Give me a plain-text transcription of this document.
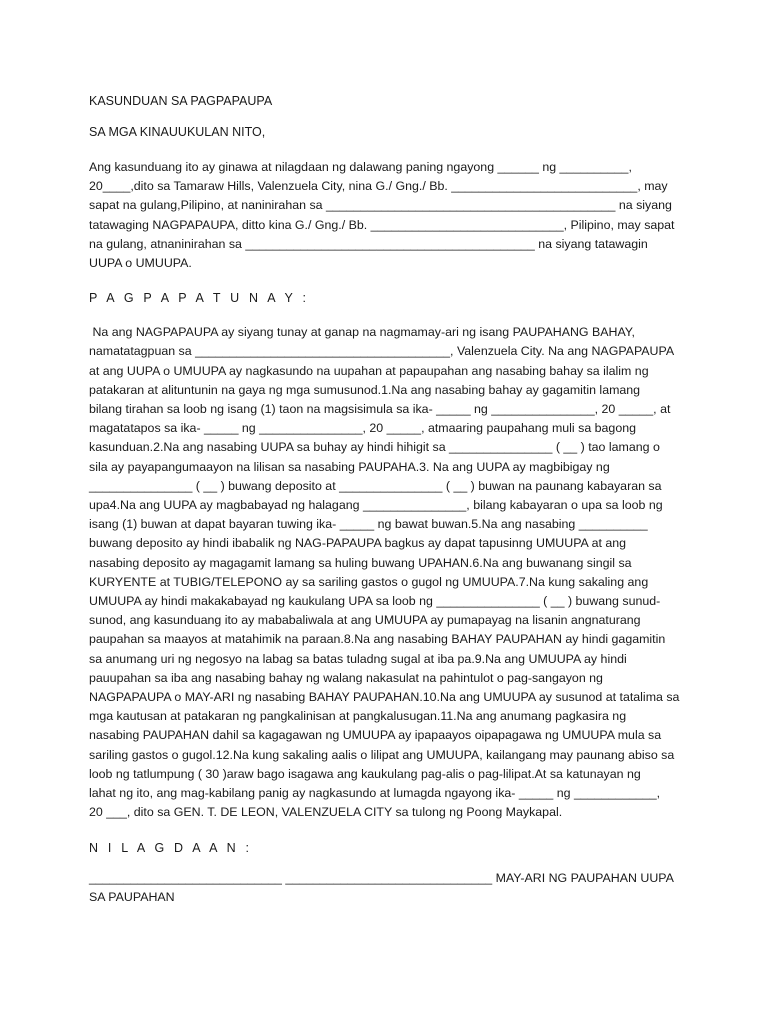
KASUNDUAN SA PAGPAPAUPA

SA MGA KINAUUKULAN NITO,

Ang kasunduang ito ay ginawa at nilagdaan ng dalawang paning ngayong ______ ng __________,
20____,dito sa Tamaraw Hills, Valenzuela City, nina G./ Gng./ Bb. ___________________________, may
sapat na gulang,Pilipino, at naninirahan sa __________________________________________ na siyang
tatawaging NAGPAPAUPA, ditto kina G./ Gng./ Bb. ____________________________, Pilipino, may sapat
na gulang, atnaninirahan sa __________________________________________ na siyang tatawagin
UUPA o UMUUPA.

P A G P A P A T U N A Y :

Na ang NAGPAPAUPA ay siyang tunay at ganap na nagmamay-ari ng isang PAUPAHANG BAHAY,
namatatagpuan sa _____________________________________, Valenzuela City. Na ang NAGPAPAUPA
at ang UUPA o UMUUPA ay nagkasundo na uupahan at papaupahan ang nasabing bahay sa ilalim ng
patakaran at alituntunin na gaya ng mga sumusunod.1.Na ang nasabing bahay ay gagamitin lamang
bilang tirahan sa loob ng isang (1) taon na magsisimula sa ika- _____ ng _______________, 20 _____, at
magatatapos sa ika- _____ ng _______________, 20 _____, atmaaring paupahang muli sa bagong
kasunduan.2.Na ang nasabing UUPA sa buhay ay hindi hihigit sa _______________ ( __ ) tao lamang o
sila ay payapangumaayon na lilisan sa nasabing PAUPAHA.3. Na ang UUPA ay magbibigay ng
_______________ ( __ ) buwang deposito at _______________ ( __ ) buwan na paunang kabayaran sa
upa4.Na ang UUPA ay magbabayad ng halagang _______________, bilang kabayaran o upa sa loob ng
isang (1) buwan at dapat bayaran tuwing ika- _____ ng bawat buwan.5.Na ang nasabing __________
buwang deposito ay hindi ibabalik ng NAG-PAPAUPA bagkus ay dapat tapusinng UMUUPA at ang
nasabing deposito ay magagamit lamang sa huling buwang UPAHAN.6.Na ang buwanang singil sa
KURYENTE at TUBIG/TELEPONO ay sa sariling gastos o gugol ng UMUUPA.7.Na kung sakaling ang
UMUUPA ay hindi makakabayad ng kaukulang UPA sa loob ng _______________ ( __ ) buwang sunud-
sunod, ang kasunduang ito ay mababaliwala at ang UMUUPA ay pumapayag na lisanin angnaturang
paupahan sa maayos at matahimik na paraan.8.Na ang nasabing BAHAY PAUPAHAN ay hindi gagamitin
sa anumang uri ng negosyo na labag sa batas tuladng sugal at iba pa.9.Na ang UMUUPA ay hindi
pauupahan sa iba ang nasabing bahay ng walang nakasulat na pahintulot o pag-sangayon ng
NAGPAPAUPA o MAY-ARI ng nasabing BAHAY PAUPAHAN.10.Na ang UMUUPA ay susunod at tatalima sa
mga kautusan at patakaran ng pangkalinisan at pangkalusugan.11.Na ang anumang pagkasira ng
nasabing PAUPAHAN dahil sa kagagawan ng UMUUPA ay ipapaayos oipapagawa ng UMUUPA mula sa
sariling gastos o gugol.12.Na kung sakaling aalis o lilipat ang UMUUPA, kailangang may paunang abiso sa
loob ng tatlumpung ( 30 )araw bago isagawa ang kaukulang pag-alis o pag-lilipat.At sa katunayan ng
lahat ng ito, ang mag-kabilang panig ay nagkasundo at lumagda ngayong ika- _____ ng ____________,
20 ___, dito sa GEN. T. DE LEON, VALENZUELA CITY sa tulong ng Poong Maykapal.

N I L A G D A A N :

____________________________ ______________________________ MAY-ARI NG PAUPAHAN UUPA
SA PAUPAHAN
